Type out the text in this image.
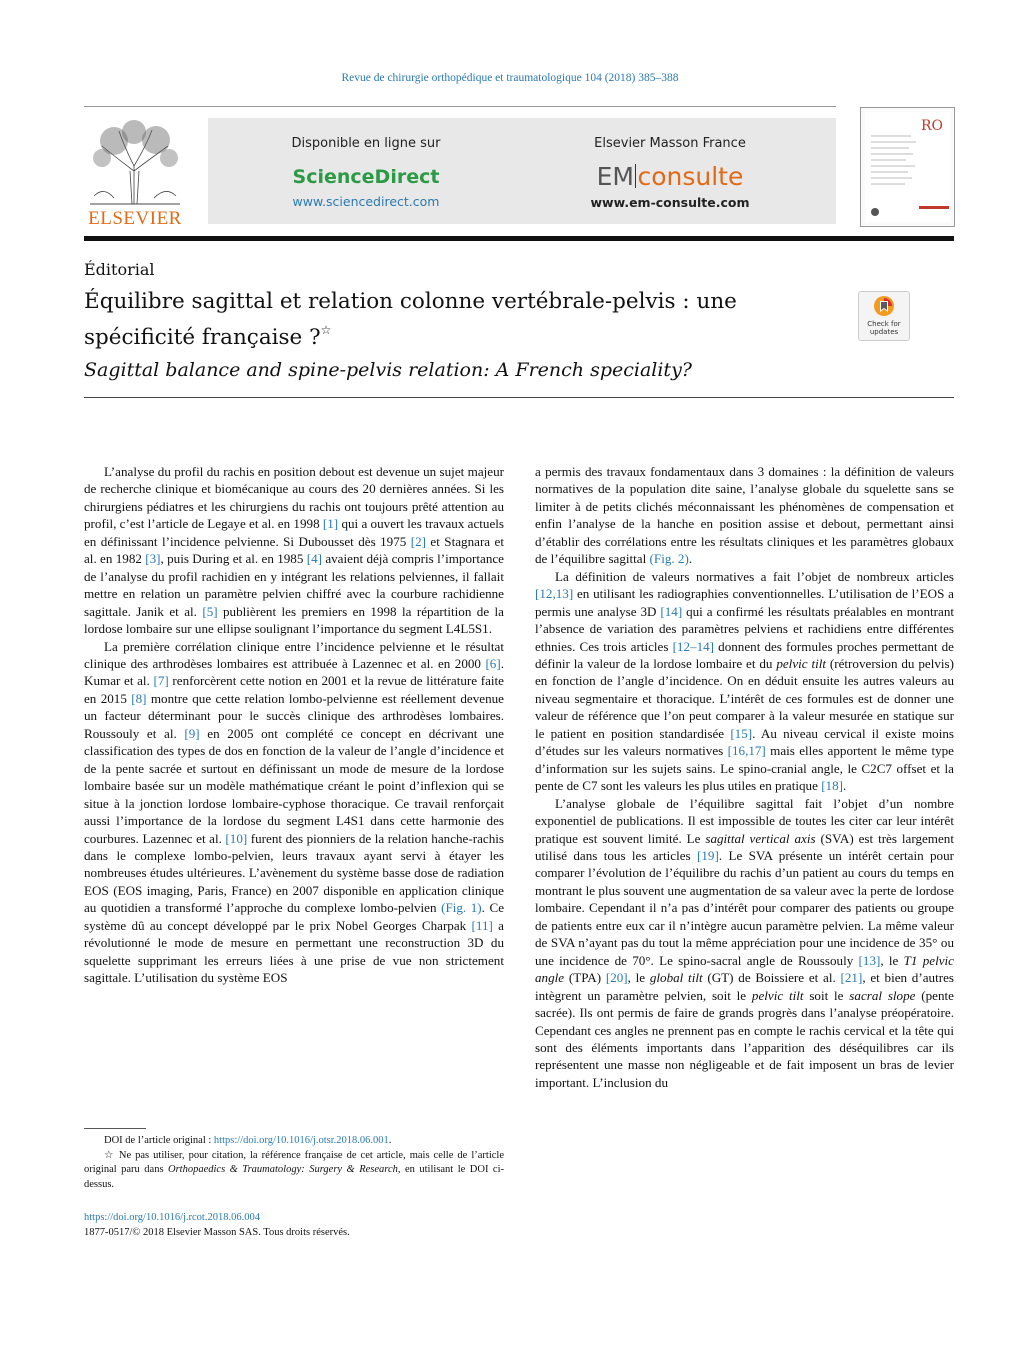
Revue de chirurgie orthopédique et traumatologique 104 (2018) 385–388
ELSEVIER
Disponible en ligne sur
ScienceDirect
www.sciencedirect.com
Elsevier Masson France
EM consulte
www.em-consulte.com
RO
Éditorial
Équilibre sagittal et relation colonne vertébrale-pelvis : une spécificité française ?☆	Check for updates
Sagittal balance and spine-pelvis relation: A French speciality?

L’analyse du profil du rachis en position debout est devenue un sujet majeur de recherche clinique et biomécanique au cours des 20 dernières années. Si les chirurgiens pédiatres et les chirurgiens du rachis ont toujours prêté attention au profil, c’est l’article de Legaye et al. en 1998 [1] qui a ouvert les travaux actuels en définissant l’incidence pelvienne. Si Dubousset dès 1975 [2] et Stagnara et al. en 1982 [3], puis During et al. en 1985 [4] avaient déjà compris l’importance de l’analyse du profil rachidien en y intégrant les relations pelviennes, il fallait mettre en relation un paramètre pelvien chiffré avec la courbure rachidienne sagittale. Janik et al. [5] publièrent les premiers en 1998 la répartition de la lordose lombaire sur une ellipse soulignant l’importance du segment L4L5S1.

La première corrélation clinique entre l’incidence pelvienne et le résultat clinique des arthrodèses lombaires est attribuée à Lazennec et al. en 2000 [6]. Kumar et al. [7] renforcèrent cette notion en 2001 et la revue de littérature faite en 2015 [8] montre que cette relation lombo-pelvienne est réellement devenue un facteur déterminant pour le succès clinique des arthrodèses lombaires. Roussouly et al. [9] en 2005 ont complété ce concept en décrivant une classification des types de dos en fonction de la valeur de l’angle d’incidence et de la pente sacrée et surtout en définissant un mode de mesure de la lordose lombaire basée sur un modèle mathématique créant le point d’inflexion qui se situe à la jonction lordose lombaire-cyphose thoracique. Ce travail renforçait aussi l’importance de la lordose du segment L4S1 dans cette harmonie des courbures. Lazennec et al. [10] furent des pionniers de la relation hanche-rachis dans le complexe lombo-pelvien, leurs travaux ayant servi à étayer les nombreuses études ultérieures. L’avènement du système basse dose de radiation EOS (EOS imaging, Paris, France) en 2007 disponible en application clinique au quotidien a transformé l’approche du complexe lombo-pelvien (Fig. 1). Ce système dû au concept développé par le prix Nobel Georges Charpak [11] a révolutionné le mode de mesure en permettant une reconstruction 3D du squelette supprimant les erreurs liées à une prise de vue non strictement sagittale. L’utilisation du système EOS

a permis des travaux fondamentaux dans 3 domaines : la définition de valeurs normatives de la population dite saine, l’analyse globale du squelette sans se limiter à de petits clichés méconnaissant les phénomènes de compensation et enfin l’analyse de la hanche en position assise et debout, permettant ainsi d’établir des corrélations entre les résultats cliniques et les paramètres globaux de l’équilibre sagittal (Fig. 2).

La définition de valeurs normatives a fait l’objet de nombreux articles [12,13] en utilisant les radiographies conventionnelles. L’utilisation de l’EOS a permis une analyse 3D [14] qui a confirmé les résultats préalables en montrant l’absence de variation des paramètres pelviens et rachidiens entre différentes ethnies. Ces trois articles [12–14] donnent des formules proches permettant de définir la valeur de la lordose lombaire et du pelvic tilt (rétroversion du pelvis) en fonction de l’angle d’incidence. On en déduit ensuite les autres valeurs au niveau segmentaire et thoracique. L’intérêt de ces formules est de donner une valeur de référence que l’on peut comparer à la valeur mesurée en statique sur le patient en position standardisée [15]. Au niveau cervical il existe moins d’études sur les valeurs normatives [16,17] mais elles apportent le même type d’information sur les sujets sains. Le spino-cranial angle, le C2C7 offset et la pente de C7 sont les valeurs les plus utiles en pratique [18].

L’analyse globale de l’équilibre sagittal fait l’objet d’un nombre exponentiel de publications. Il est impossible de toutes les citer car leur intérêt pratique est souvent limité. Le sagittal vertical axis (SVA) est très largement utilisé dans tous les articles [19]. Le SVA présente un intérêt certain pour comparer l’évolution de l’équilibre du rachis d’un patient au cours du temps en montrant le plus souvent une augmentation de sa valeur avec la perte de lordose lombaire. Cependant il n’a pas d’intérêt pour comparer des patients ou groupe de patients entre eux car il n’intègre aucun paramètre pelvien. La même valeur de SVA n’ayant pas du tout la même appréciation pour une incidence de 35° ou une incidence de 70°. Le spino-sacral angle de Roussouly [13], le T1 pelvic angle (TPA) [20], le global tilt (GT) de Boissiere et al. [21], et bien d’autres intègrent un paramètre pelvien, soit le pelvic tilt soit le sacral slope (pente sacrée). Ils ont permis de faire de grands progrès dans l’analyse préopératoire. Cependant ces angles ne prennent pas en compte le rachis cervical et la tête qui sont des éléments importants dans l’apparition des déséquilibres car ils représentent une masse non négligeable et de fait imposent un bras de levier important. L’inclusion du

DOI de l’article original : https://doi.org/10.1016/j.otsr.2018.06.001.

☆ Ne pas utiliser, pour citation, la référence française de cet article, mais celle de l’article original paru dans Orthopaedics & Traumatology: Surgery & Research, en utilisant le DOI ci-dessus.

https://doi.org/10.1016/j.rcot.2018.06.004
1877-0517/© 2018 Elsevier Masson SAS. Tous droits réservés.
